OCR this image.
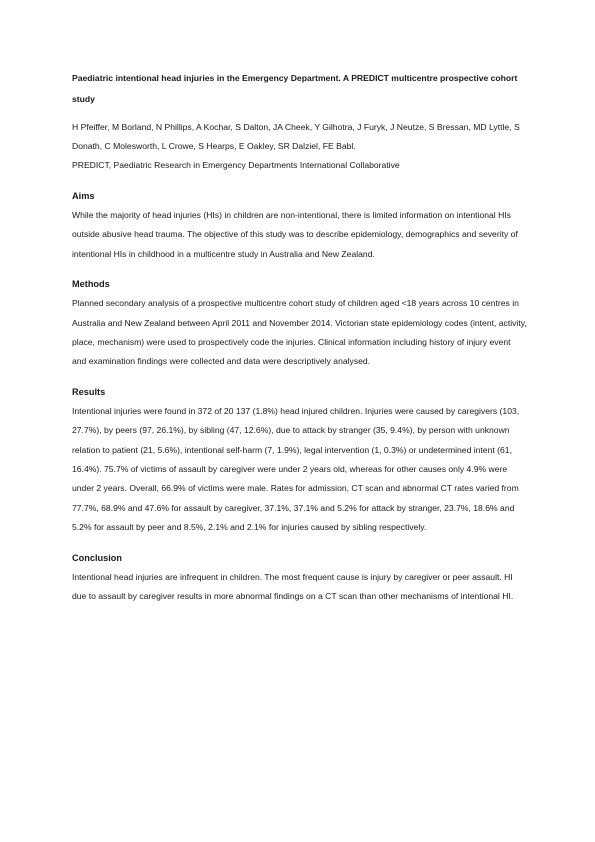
Paediatric intentional head injuries in the Emergency Department. A PREDICT multicentre prospective cohort study

H Pfeiffer, M Borland, N Phillips, A Kochar, S Dalton, JA Cheek, Y Gilhotra, J Furyk, J Neutze, S Bressan, MD Lyttle, S Donath, C Molesworth, L Crowe, S Hearps, E Oakley, SR Dalziel, FE Babl.

PREDICT, Paediatric Research in Emergency Departments International Collaborative

Aims

While the majority of head injuries (HIs) in children are non-intentional, there is limited information on intentional HIs outside abusive head trauma. The objective of this study was to describe epidemiology, demographics and severity of intentional HIs in childhood in a multicentre study in Australia and New Zealand.

Methods

Planned secondary analysis of a prospective multicentre cohort study of children aged <18 years across 10 centres in Australia and New Zealand between April 2011 and November 2014. Victorian state epidemiology codes (intent, activity, place, mechanism) were used to prospectively code the injuries. Clinical information including history of injury event and examination findings were collected and data were descriptively analysed.

Results

Intentional injuries were found in 372 of 20 137 (1.8%) head injured children. Injuries were caused by caregivers (103, 27.7%), by peers (97, 26.1%), by sibling (47, 12.6%), due to attack by stranger (35, 9.4%), by person with unknown relation to patient (21, 5.6%), intentional self-harm (7, 1.9%), legal intervention (1, 0.3%) or undetermined intent (61, 16.4%). 75.7% of victims of assault by caregiver were under 2 years old, whereas for other causes only 4.9% were under 2 years. Overall, 66.9% of victims were male. Rates for admission, CT scan and abnormal CT rates varied from 77.7%, 68.9% and 47.6% for assault by caregiver, 37.1%, 37.1% and 5.2% for attack by stranger, 23.7%, 18.6% and 5.2% for assault by peer and 8.5%, 2.1% and 2.1% for injuries caused by sibling respectively.

Conclusion

Intentional head injuries are infrequent in children. The most frequent cause is injury by caregiver or peer assault. HI due to assault by caregiver results in more abnormal findings on a CT scan than other mechanisms of intentional HI.
